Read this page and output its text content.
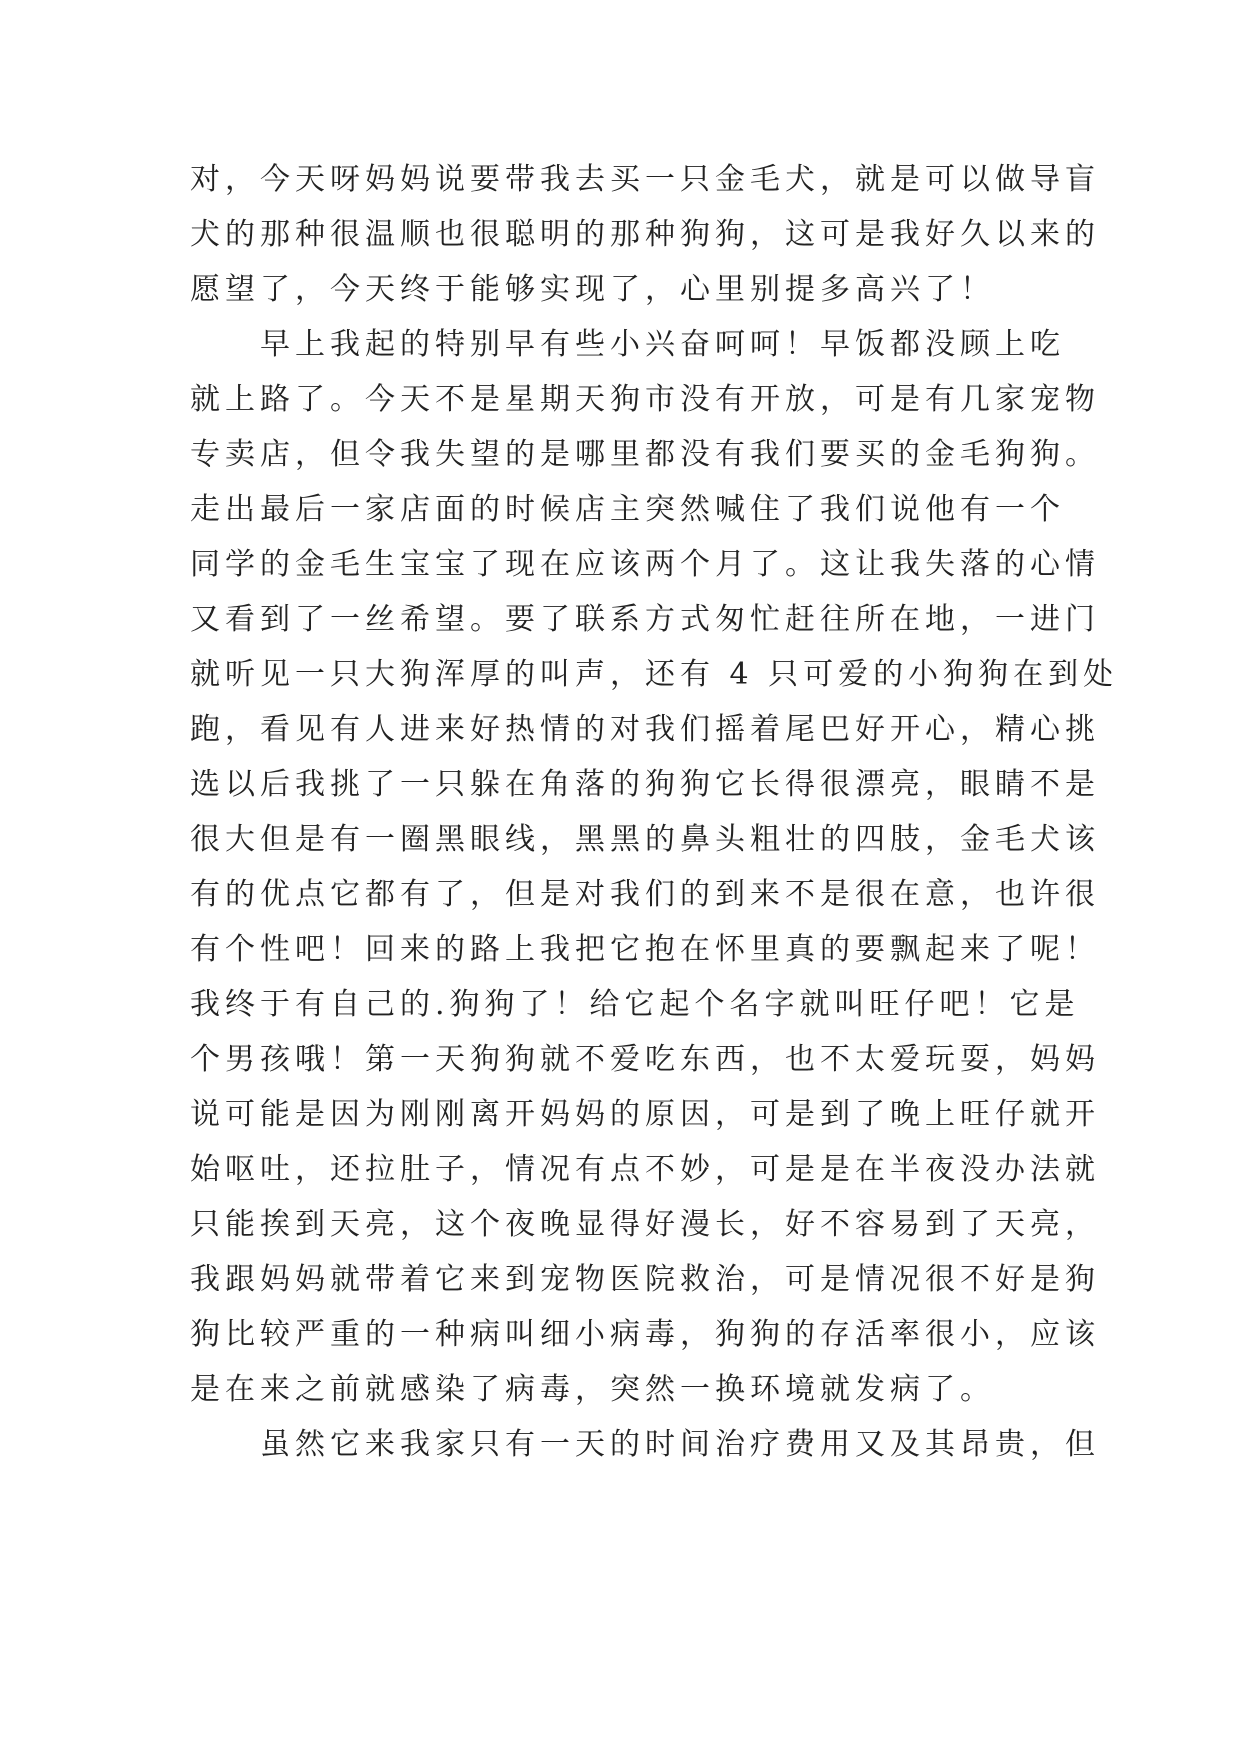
对，今天呀妈妈说要带我去买一只金毛犬，就是可以做导盲
犬的那种很温顺也很聪明的那种狗狗，这可是我好久以来的
愿望了，今天终于能够实现了，心里别提多高兴了！
　　早上我起的特别早有些小兴奋呵呵！早饭都没顾上吃
就上路了。今天不是星期天狗市没有开放，可是有几家宠物
专卖店，但令我失望的是哪里都没有我们要买的金毛狗狗。
走出最后一家店面的时候店主突然喊住了我们说他有一个
同学的金毛生宝宝了现在应该两个月了。这让我失落的心情
又看到了一丝希望。要了联系方式匆忙赶往所在地，一进门
就听见一只大狗浑厚的叫声，还有 4 只可爱的小狗狗在到处
跑，看见有人进来好热情的对我们摇着尾巴好开心，精心挑
选以后我挑了一只躲在角落的狗狗它长得很漂亮，眼睛不是
很大但是有一圈黑眼线，黑黑的鼻头粗壮的四肢，金毛犬该
有的优点它都有了，但是对我们的到来不是很在意，也许很
有个性吧！回来的路上我把它抱在怀里真的要飘起来了呢！
我终于有自己的.狗狗了！给它起个名字就叫旺仔吧！它是
个男孩哦！第一天狗狗就不爱吃东西，也不太爱玩耍，妈妈
说可能是因为刚刚离开妈妈的原因，可是到了晚上旺仔就开
始呕吐，还拉肚子，情况有点不妙，可是是在半夜没办法就
只能挨到天亮，这个夜晚显得好漫长，好不容易到了天亮，
我跟妈妈就带着它来到宠物医院救治，可是情况很不好是狗
狗比较严重的一种病叫细小病毒，狗狗的存活率很小，应该
是在来之前就感染了病毒，突然一换环境就发病了。
　　虽然它来我家只有一天的时间治疗费用又及其昂贵，但
